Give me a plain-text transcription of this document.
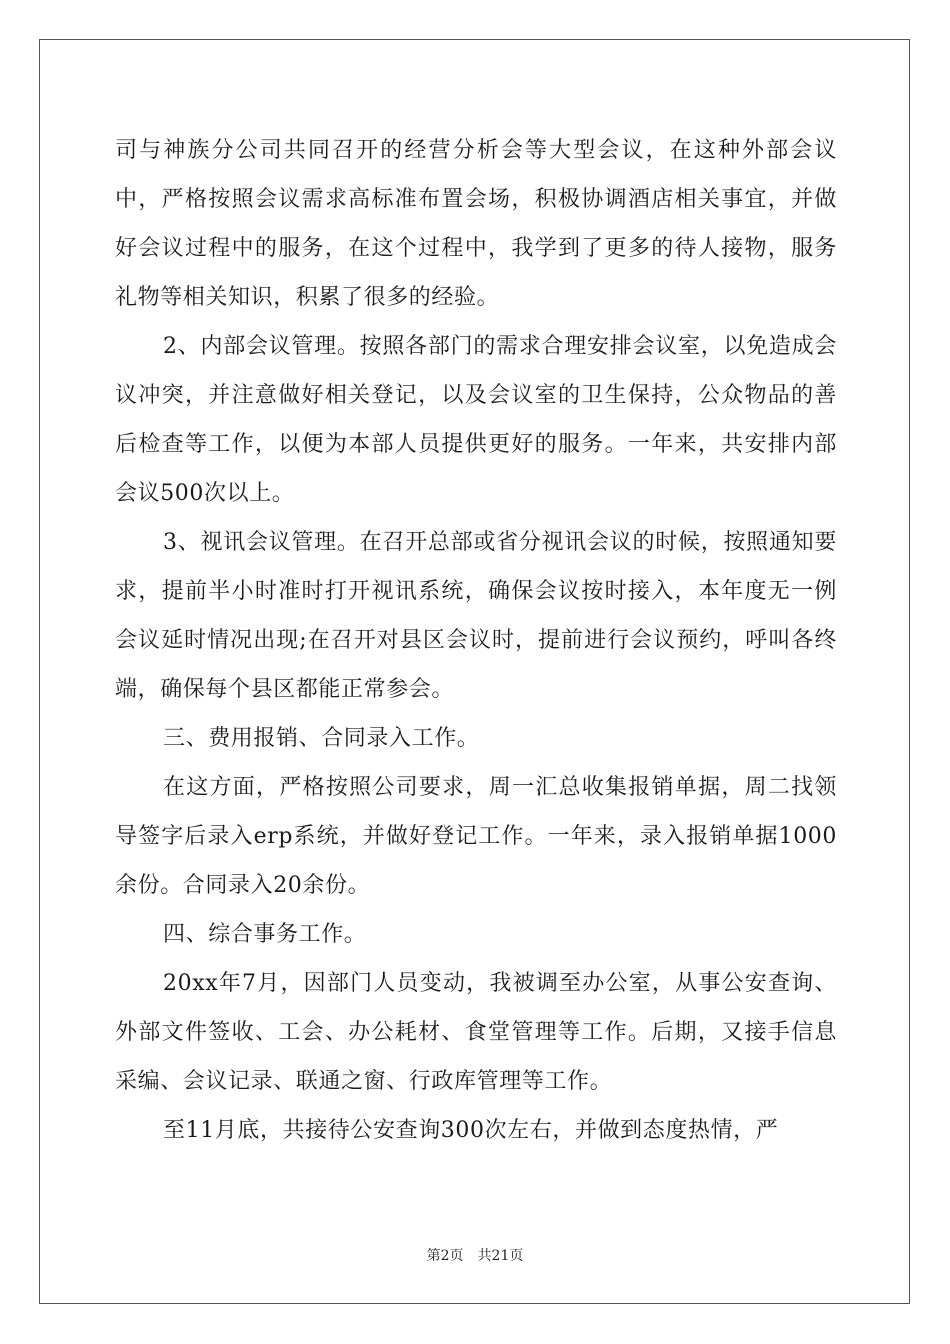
司与神族分公司共同召开的经营分析会等大型会议，在这种外部会议中，严格按照会议需求高标准布置会场，积极协调酒店相关事宜，并做好会议过程中的服务，在这个过程中，我学到了更多的待人接物，服务礼物等相关知识，积累了很多的经验。

2、内部会议管理。按照各部门的需求合理安排会议室，以免造成会议冲突，并注意做好相关登记，以及会议室的卫生保持，公众物品的善后检查等工作，以便为本部人员提供更好的服务。一年来，共安排内部会议500次以上。

3、视讯会议管理。在召开总部或省分视讯会议的时候，按照通知要求，提前半小时准时打开视讯系统，确保会议按时接入，本年度无一例会议延时情况出现;在召开对县区会议时，提前进行会议预约，呼叫各终端，确保每个县区都能正常参会。

三、费用报销、合同录入工作。

在这方面，严格按照公司要求，周一汇总收集报销单据，周二找领导签字后录入erp系统，并做好登记工作。一年来，录入报销单据1000余份。合同录入20余份。

四、综合事务工作。

20xx年7月，因部门人员变动，我被调至办公室，从事公安查询、外部文件签收、工会、办公耗材、食堂管理等工作。后期，又接手信息采编、会议记录、联通之窗、行政库管理等工作。

至11月底，共接待公安查询300次左右，并做到态度热情，严

第2页 共21页
